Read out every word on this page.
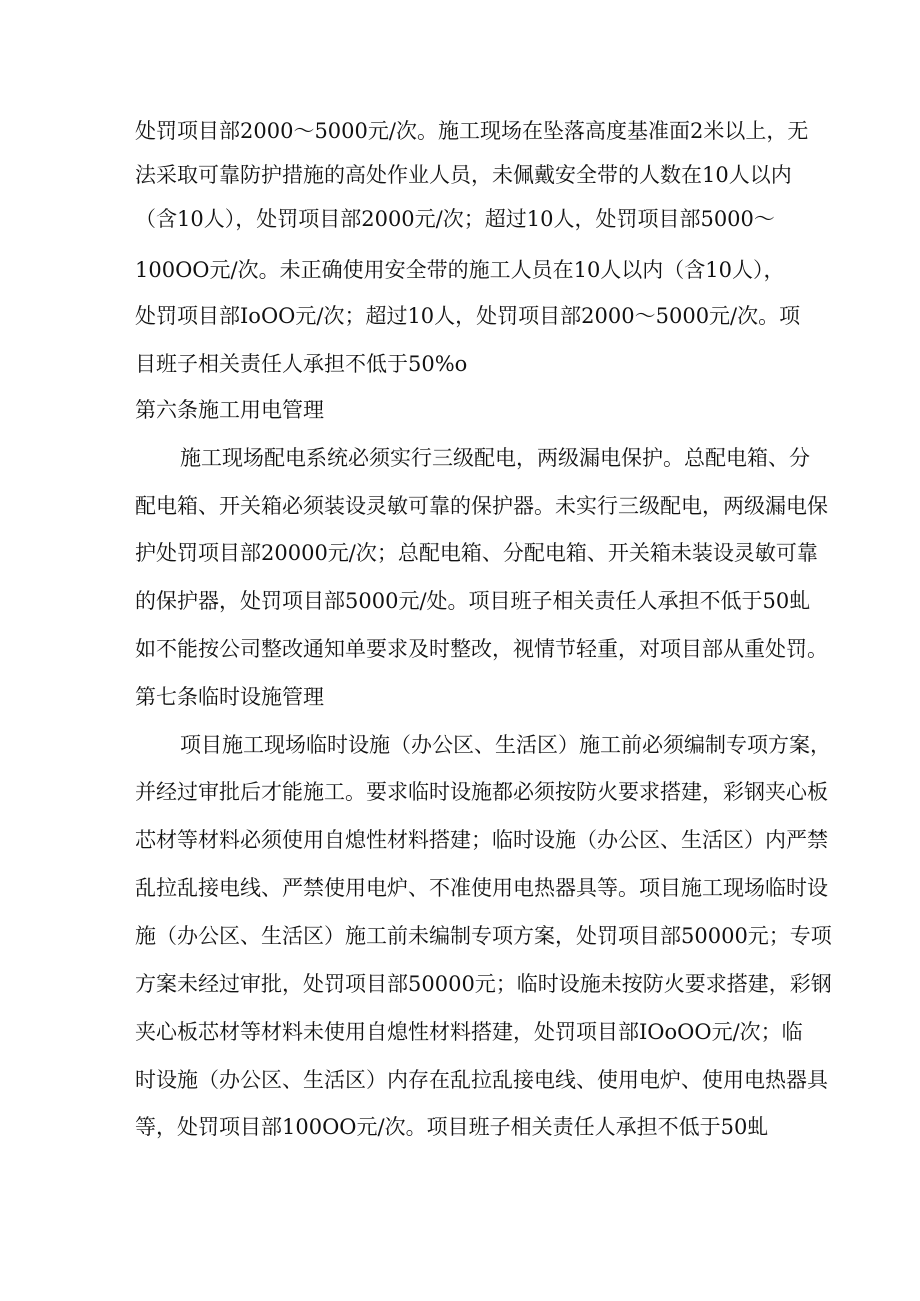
处罚项目部2000～5000元/次。施工现场在坠落高度基准面2米以上，无
法采取可靠防护措施的高处作业人员，未佩戴安全带的人数在10人以内
（含10人），处罚项目部2000元/次；超过10人，处罚项目部5000～
100OO元/次。未正确使用安全带的施工人员在10人以内（含10人），
处罚项目部IoOO元/次；超过10人，处罚项目部2000～5000元/次。项
目班子相关责任人承担不低于50%o
第六条施工用电管理
施工现场配电系统必须实行三级配电，两级漏电保护。总配电箱、分
配电箱、开关箱必须装设灵敏可靠的保护器。未实行三级配电，两级漏电保
护处罚项目部20000元/次；总配电箱、分配电箱、开关箱未装设灵敏可靠
的保护器，处罚项目部5000元/处。项目班子相关责任人承担不低于50虬
如不能按公司整改通知单要求及时整改，视情节轻重，对项目部从重处罚。
第七条临时设施管理
项目施工现场临时设施（办公区、生活区）施工前必须编制专项方案，
并经过审批后才能施工。要求临时设施都必须按防火要求搭建，彩钢夹心板
芯材等材料必须使用自熄性材料搭建；临时设施（办公区、生活区）内严禁
乱拉乱接电线、严禁使用电炉、不准使用电热器具等。项目施工现场临时设
施（办公区、生活区）施工前未编制专项方案，处罚项目部50000元；专项
方案未经过审批，处罚项目部50000元；临时设施未按防火要求搭建，彩钢
夹心板芯材等材料未使用自熄性材料搭建，处罚项目部IOoOO元/次；临
时设施（办公区、生活区）内存在乱拉乱接电线、使用电炉、使用电热器具
等，处罚项目部100OO元/次。项目班子相关责任人承担不低于50虬
